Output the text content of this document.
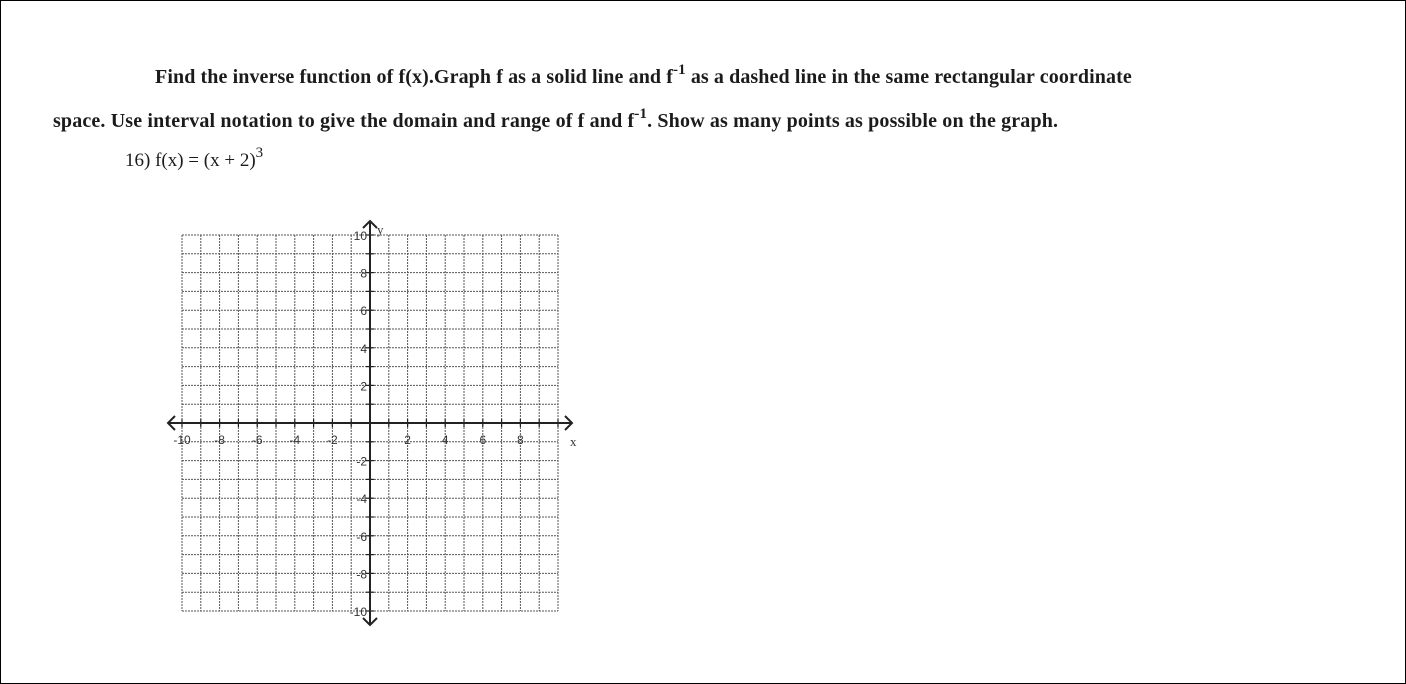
Find the inverse function of f(x).Graph f as a solid line and $f^{-1}$ as a dashed line in the same rectangular coordinate
space. Use interval notation to give the domain and range of f and $f^{-1}$. Show as many points as possible on the graph.
16) $f(x) = (x + 2)^3$
-10 -8 -6 -4 -2	2	4	6	8
10
8
6
4
2
-2
-4
-6
-8
-10
x
y
